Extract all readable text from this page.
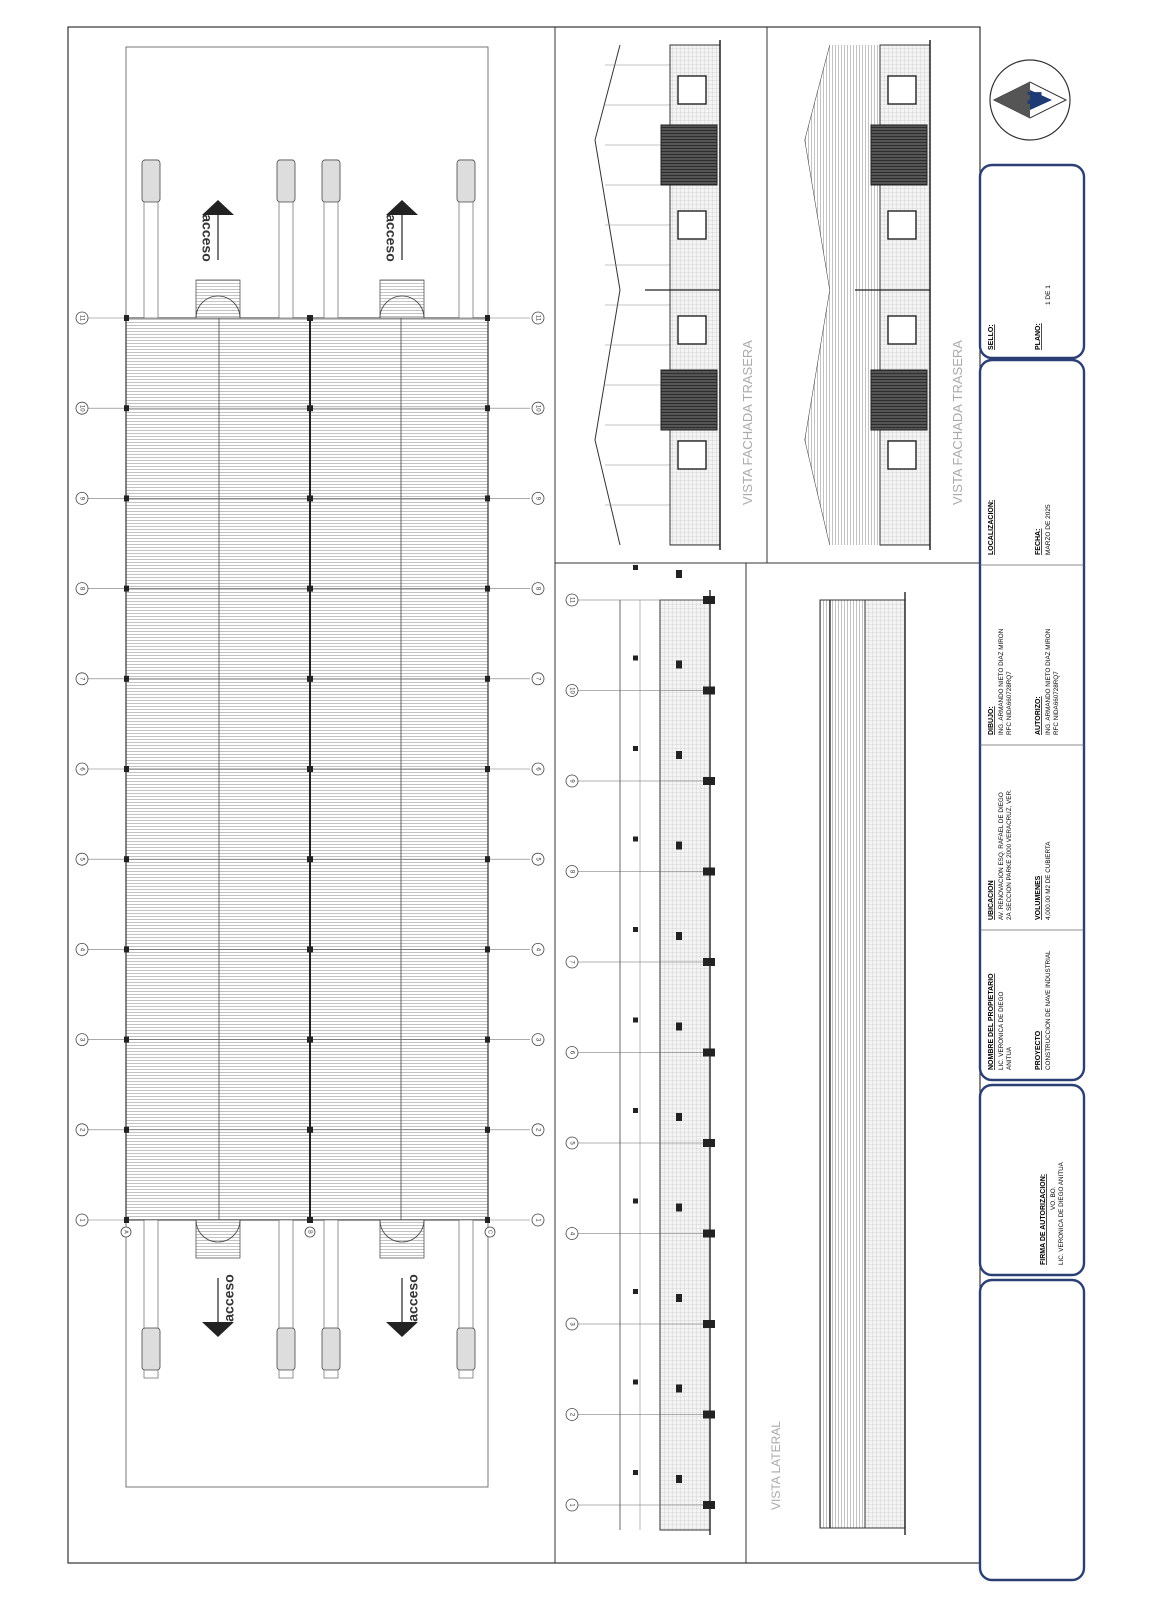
1	1
2	2
3	3
4	4
5	5
6	6
7	7
8	8
9	9
10	10
11	11
A	B	C
acceso	acceso
acceso	acceso
1
2
3
4
5
6
7
8
9
10
11
VISTA FACHADA TRASERA	VISTA FACHADA TRASERA
VISTA LATERAL
N
SELLO:	PLANO:
1 DE 1
LOCALIZACION:	FECHA: MARZO DE 2025
DIBUJO: ING. ARMANDO NIETO DIAZ MIRON RFC NIDA660728RQ7	AUTORIZO: ING. ARMANDO NIETO DIAZ MIRON RFC NIDA660728RQ7
UBICACION AV. RENOVACION ESQ. RAFAEL DE DIEGO 2A SECCION PARKE 2000 VERACRUZ, VER.	VOLUMENES 4,000.00 M2 DE CUBIERTA
NOMBRE DEL PROPIETARIO LIC. VERONICA DE DIEGO ANITUA	PROYECTO CONSTRUCCION DE NAVE INDUSTRIAL
FIRMA DE AUTORIZACION: VO. BO. LIC. VERONICA DE DIEGO ANITUA
